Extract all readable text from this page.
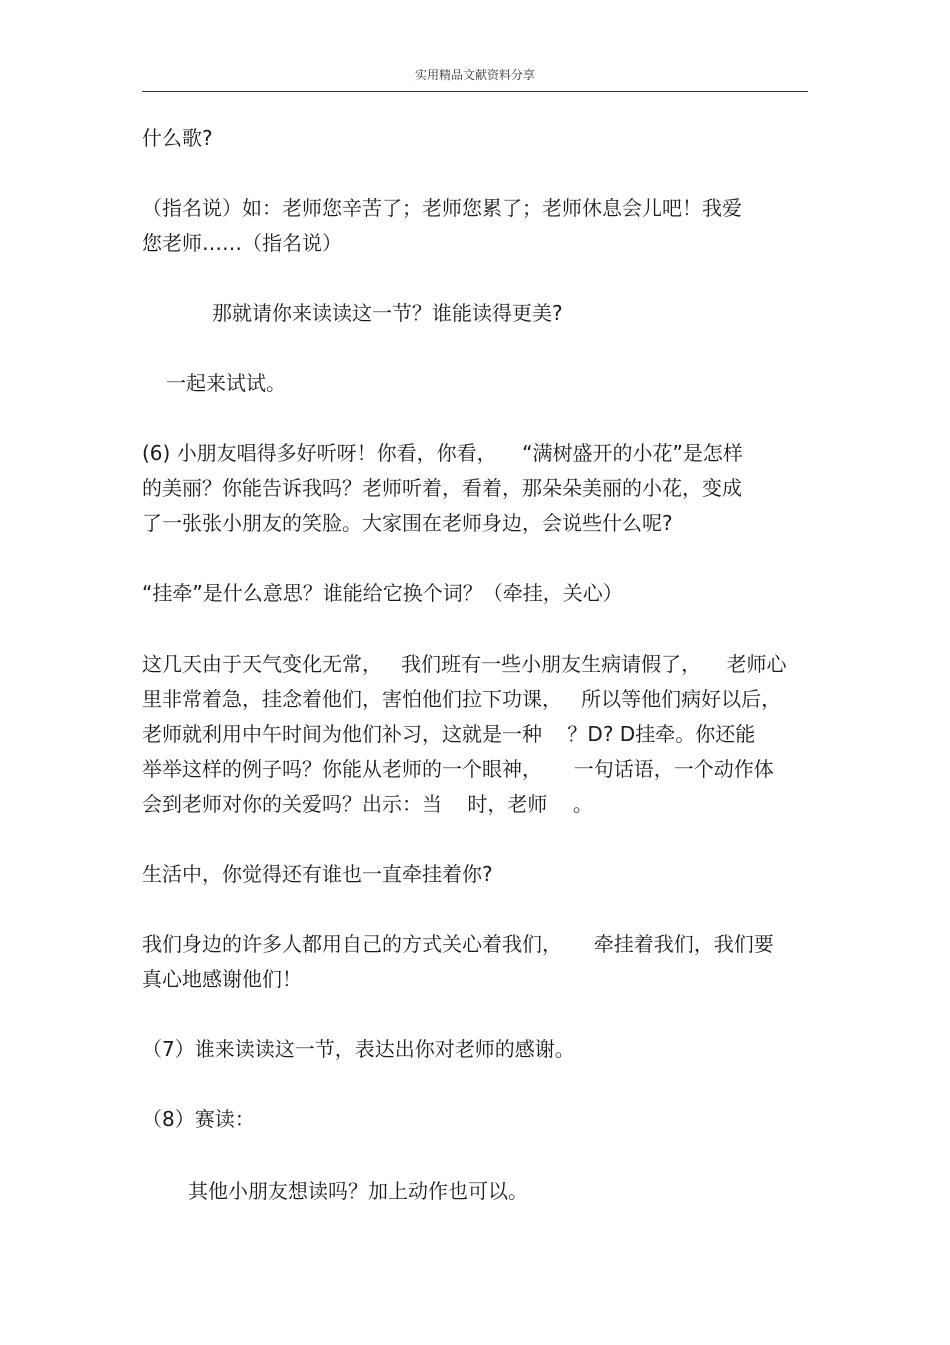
实用精品文献资料分享
什么歌?
（指名说）如：老师您辛苦了；老师您累了；老师休息会儿吧！我爱
您老师……（指名说）
那就请你来读读这一节？谁能读得更美?
一起来试试。
(6) 小朋友唱得多好听呀！你看，你看，    “满树盛开的小花”是怎样
的美丽？你能告诉我吗？老师听着，看着，那朵朵美丽的小花，变成
了一张张小朋友的笑脸。大家围在老师身边，会说些什么呢?
“挂牵”是什么意思？谁能给它换个词？（牵挂，关心）
这几天由于天气变化无常，   我们班有一些小朋友生病请假了，    老师心
里非常着急，挂念着他们，害怕他们拉下功课，   所以等他们病好以后，
老师就利用中午时间为他们补习，这就是一种    ？D? D挂牵。你还能
举举这样的例子吗？你能从老师的一个眼神，     一句话语，一个动作体
会到老师对你的关爱吗？出示：当    时，老师    。
生活中，你觉得还有谁也一直牵挂着你?
我们身边的许多人都用自己的方式关心着我们，     牵挂着我们，我们要
真心地感谢他们！
（7）谁来读读这一节，表达出你对老师的感谢。
（8）赛读：
其他小朋友想读吗？加上动作也可以。
